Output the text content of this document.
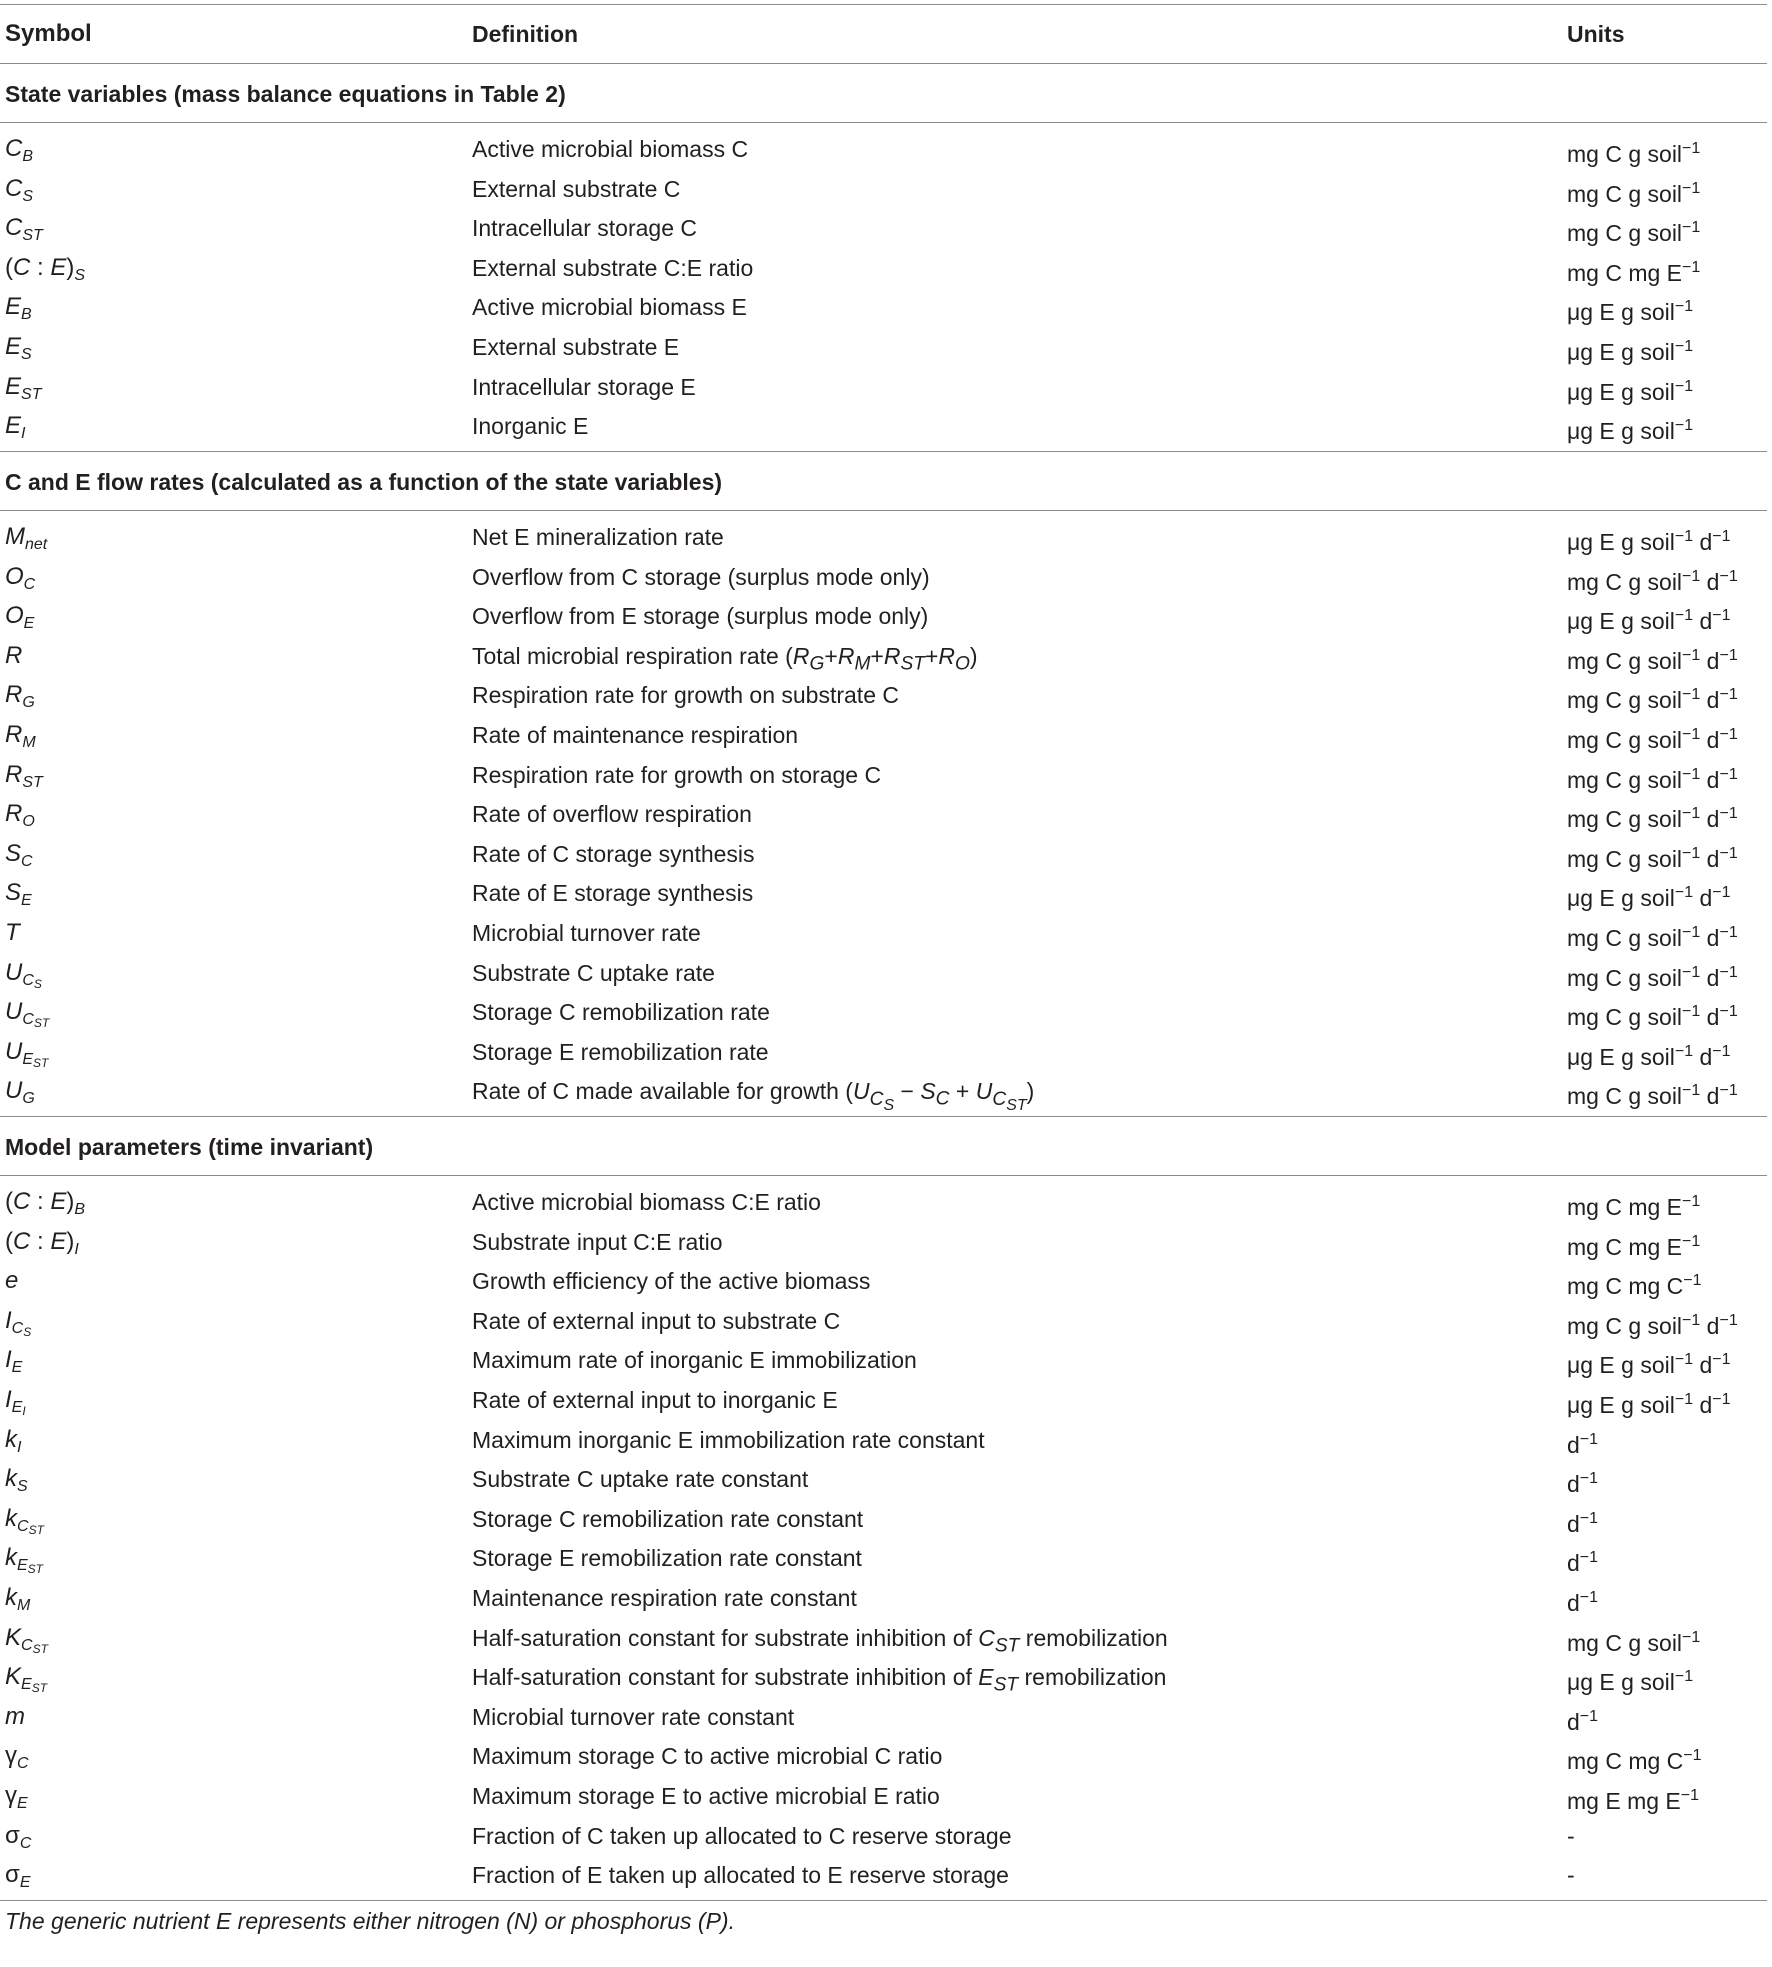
Symbol	Definition	Units
State variables (mass balance equations in Table 2)
$C_B$	Active microbial biomass C	mg C g soil$^{-1}$
$C_S$	External substrate C	mg C g soil$^{-1}$
$C_{ST}$	Intracellular storage C	mg C g soil$^{-1}$
(C : $E)_S$	External substrate C:E ratio	mg C mg $E^{-1}$
$E_B$	Active microbial biomass E	μg E g soil$^{-1}$
$E_S$	External substrate E	μg E g soil$^{-1}$
$E_{ST}$	Intracellular storage E	μg E g soil$^{-1}$
$E_I$	Inorganic E	μg E g soil$^{-1}$
C and E flow rates (calculated as a function of the state variables)
$M_{net}$	Net E mineralization rate	μg E g soil$^{-1}$ $d^{-1}$
$O_C$	Overflow from C storage (surplus mode only)	mg C g soil$^{-1}$ $d^{-1}$
$O_E$	Overflow from E storage (surplus mode only)	μg E g soil$^{-1}$ $d^{-1}$
R	Total microbial respiration rate $(R_G+R_M+R_{ST}+R_O)$	mg C g soil$^{-1}$ $d^{-1}$
$R_G$	Respiration rate for growth on substrate C	mg C g soil$^{-1}$ $d^{-1}$
$R_M$	Rate of maintenance respiration	mg C g soil$^{-1}$ $d^{-1}$
$R_{ST}$	Respiration rate for growth on storage C	mg C g soil$^{-1}$ $d^{-1}$
$R_O$	Rate of overflow respiration	mg C g soil$^{-1}$ $d^{-1}$
$S_C$	Rate of C storage synthesis	mg C g soil$^{-1}$ $d^{-1}$
$S_E$	Rate of E storage synthesis	μg E g soil$^{-1}$ $d^{-1}$
T	Microbial turnover rate	mg C g soil$^{-1}$ $d^{-1}$
$U_{C_S}$	Substrate C uptake rate	mg C g soil$^{-1}$ $d^{-1}$
$U_{C_{ST}}$	Storage C remobilization rate	mg C g soil$^{-1}$ $d^{-1}$
$U_{E_{ST}}$	Storage E remobilization rate	μg E g soil$^{-1}$ $d^{-1}$
$U_G$	Rate of C made available for growth $(U_{C_S} - S_C + U_{C_{ST}})$	mg C g soil$^{-1}$ $d^{-1}$
Model parameters (time invariant)
(C : $E)_B$	Active microbial biomass C:E ratio	mg C mg $E^{-1}$
(C : $E)_I$	Substrate input C:E ratio	mg C mg $E^{-1}$
e	Growth efficiency of the active biomass	mg C mg $C^{-1}$
$I_{C_S}$	Rate of external input to substrate C	mg C g soil$^{-1}$ $d^{-1}$
$I_E$	Maximum rate of inorganic E immobilization	μg E g soil$^{-1}$ $d^{-1}$
$I_{E_I}$	Rate of external input to inorganic E	μg E g soil$^{-1}$ $d^{-1}$
$k_I$	Maximum inorganic E immobilization rate constant	$d^{-1}$
$k_S$	Substrate C uptake rate constant	$d^{-1}$
$k_{C_{ST}}$	Storage C remobilization rate constant	$d^{-1}$
$k_{E_{ST}}$	Storage E remobilization rate constant	$d^{-1}$
$k_M$	Maintenance respiration rate constant	$d^{-1}$
$K_{C_{ST}}$	Half-saturation constant for substrate inhibition of $C_{ST}$ remobilization	mg C g soil$^{-1}$
$K_{E_{ST}}$	Half-saturation constant for substrate inhibition of $E_{ST}$ remobilization	μg E g soil$^{-1}$
m	Microbial turnover rate constant	$d^{-1}$
$\gamma_C$	Maximum storage C to active microbial C ratio	mg C mg $C^{-1}$
$\gamma_E$	Maximum storage E to active microbial E ratio	mg E mg $E^{-1}$
$\sigma_C$	Fraction of C taken up allocated to C reserve storage	-
$\sigma_E$	Fraction of E taken up allocated to E reserve storage	-
The generic nutrient E represents either nitrogen (N) or phosphorus (P).
